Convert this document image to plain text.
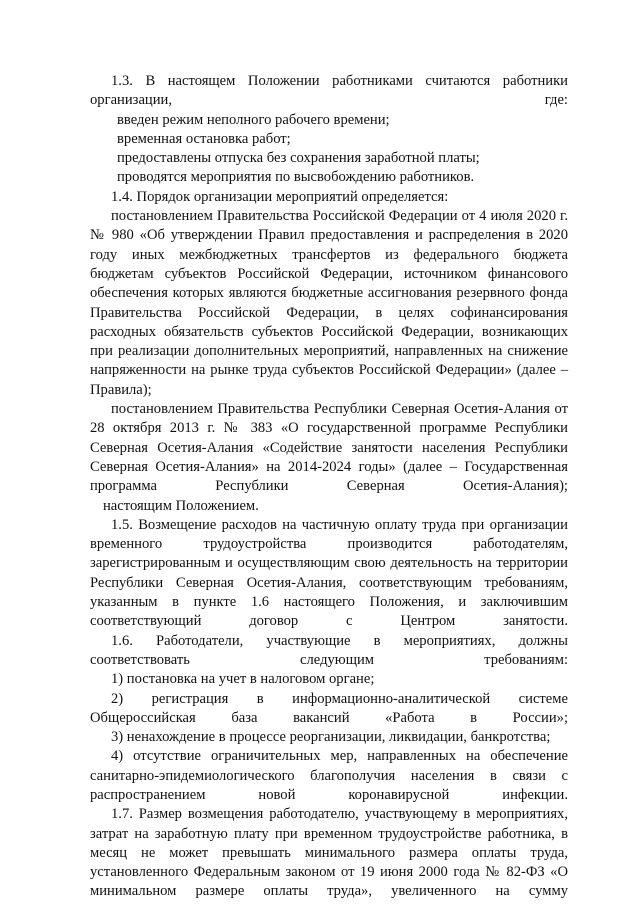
1.3. В настоящем Положении работниками считаются работники организации, где:

введен режим неполного рабочего времени;

временная остановка работ;

предоставлены отпуска без сохранения заработной платы;

проводятся мероприятия по высвобождению работников.

1.4. Порядок организации мероприятий определяется:

постановлением Правительства Российской Федерации от 4 июля 2020 г. № 980 «Об утверждении Правил предоставления и распределения в 2020 году иных межбюджетных трансфертов из федерального бюджета бюджетам субъектов Российской Федерации, источником финансового обеспечения которых являются бюджетные ассигнования резервного фонда Правительства Российской Федерации, в целях софинансирования расходных обязательств субъектов Российской Федерации, возникающих при реализации дополнительных мероприятий, направленных на снижение напряженности на рынке труда субъектов Российской Федерации» (далее – Правила);

постановлением Правительства Республики Северная Осетия-Алания от 28 октября 2013 г. № 383 «О государственной программе Республики Северная Осетия-Алания «Содействие занятости населения Республики Северная Осетия-Алания» на 2014-2024 годы» (далее – Государственная программа Республики Северная Осетия-Алания);

настоящим Положением.

1.5. Возмещение расходов на частичную оплату труда при организации временного трудоустройства производится работодателям, зарегистрированным и осуществляющим свою деятельность на территории Республики Северная Осетия-Алания, соответствующим требованиям, указанным в пункте 1.6 настоящего Положения, и заключившим соответствующий договор с Центром занятости.

1.6. Работодатели, участвующие в мероприятиях, должны соответствовать следующим требованиям:

1) постановка на учет в налоговом органе;

2) регистрация в информационно-аналитической системе Общероссийская база вакансий «Работа в России»;

3) ненахождение в процессе реорганизации, ликвидации, банкротства;

4) отсутствие ограничительных мер, направленных на обеспечение санитарно-эпидемиологического благополучия населения в связи с распространением новой коронавирусной инфекции.

1.7. Размер возмещения работодателю, участвующему в мероприятиях, затрат на заработную плату при временном трудоустройстве работника, в месяц не может превышать минимального размера оплаты труда, установленного Федеральным законом от 19 июня 2000 года № 82-ФЗ «О минимальном размере оплаты труда», увеличенного на сумму
